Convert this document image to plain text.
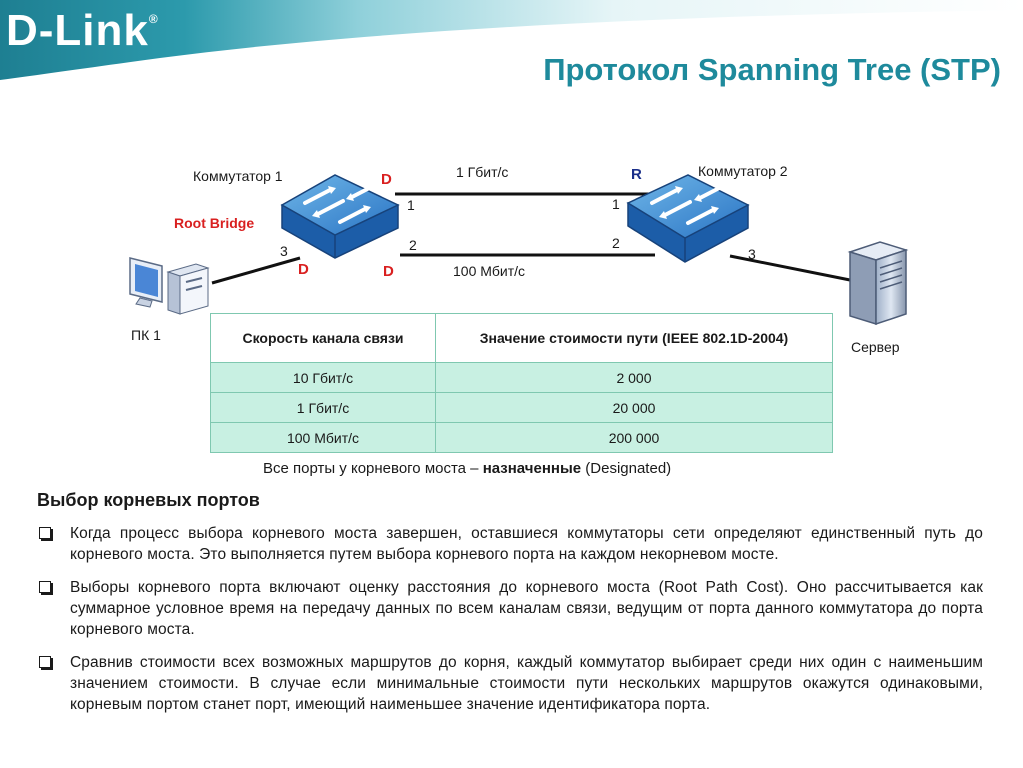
D-Link®
Протокол Spanning Tree (STP)
Коммутатор 1	Коммутатор 2
Root Bridge
ПК 1
Сервер
1 Гбит/с
100 Мбит/с
1
2
3
1
2
3
D
D
D
R
Скорость канала связи	Значение стоимости пути (IEEE 802.1D-2004)
10 Гбит/с	2 000
1 Гбит/с	20 000
100 Мбит/с	200 000
Все порты у корневого моста – назначенные (Designated)
Выбор корневых портов
Когда процесс выбора корневого моста завершен, оставшиеся коммутаторы сети определяют единственный путь до корневого моста. Это выполняется путем выбора корневого порта на каждом некорневом мосте.
Выборы корневого порта включают оценку расстояния до корневого моста (Root Path Cost). Оно рассчитывается как суммарное условное время на передачу данных по всем каналам связи, ведущим от порта данного коммутатора до порта корневого моста.
Сравнив стоимости всех возможных маршрутов до корня, каждый коммутатор выбирает среди них один с наименьшим значением стоимости. В случае если минимальные стоимости пути нескольких маршрутов окажутся одинаковыми, корневым портом станет порт, имеющий наименьшее значение идентификатора порта.
